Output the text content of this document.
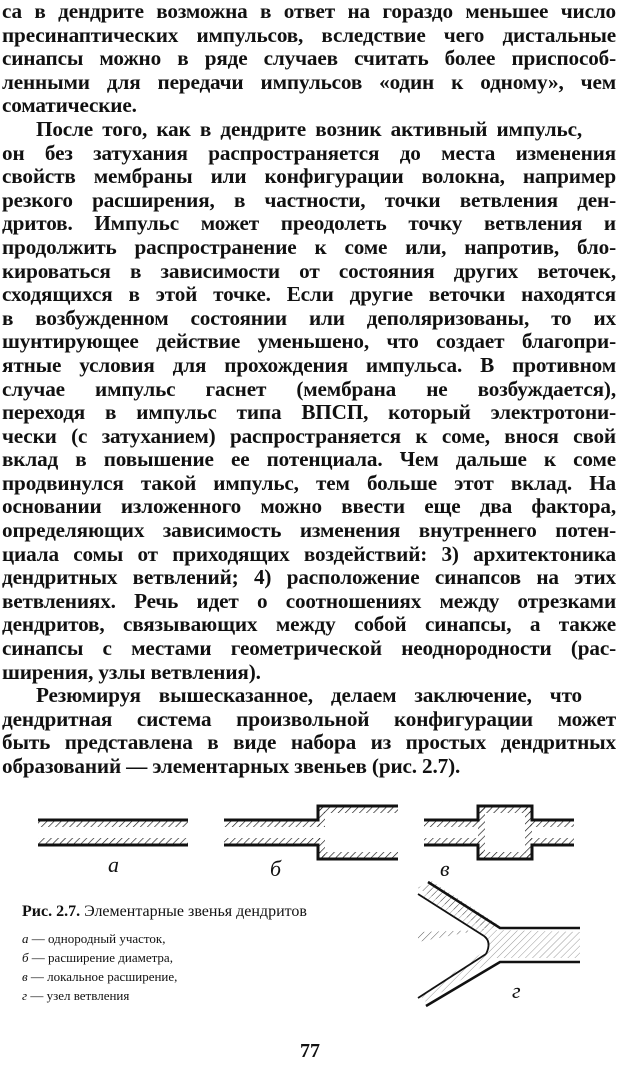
са в дендрите возможна в ответ на гораздо меньшее число
пресинаптических импульсов, вследствие чего дистальные
синапсы можно в ряде случаев считать более приспособ-
ленными для передачи импульсов «один к одному», чем
соматические.
После того, как в дендрите возник активный импульс,
он без затухания распространяется до места изменения
свойств мембраны или конфигурации волокна, например
резкого расширения, в частности, точки ветвления ден-
дритов. Импульс может преодолеть точку ветвления и
продолжить распространение к соме или, напротив, бло-
кироваться в зависимости от состояния других веточек,
сходящихся в этой точке. Если другие веточки находятся
в возбужденном состоянии или деполяризованы, то их
шунтирующее действие уменьшено, что создает благопри-
ятные условия для прохождения импульса. В противном
случае импульс гаснет (мембрана не возбуждается),
переходя в импульс типа ВПСП, который электротони-
чески (с затуханием) распространяется к соме, внося свой
вклад в повышение ее потенциала. Чем дальше к соме
продвинулся такой импульс, тем больше этот вклад. На
основании изложенного можно ввести еще два фактора,
определяющих зависимость изменения внутреннего потен-
циала сомы от приходящих воздействий: 3) архитектоника
дендритных ветвлений; 4) расположение синапсов на этих
ветвлениях. Речь идет о соотношениях между отрезками
дендритов, связывающих между собой синапсы, а также
синапсы с местами геометрической неоднородности (рас-
ширения, узлы ветвления).
Резюмируя вышесказанное, делаем заключение, что
дендритная система произвольной конфигурации может
быть представлена в виде набора из простых дендритных
образований — элементарных звеньев (рис. 2.7).
а	б	в
г
Рис. 2.7. Элементарные звенья дендритов
а — однородный участок,
б — расширение диаметра,
в — локальное расширение,
г — узел ветвления
77
